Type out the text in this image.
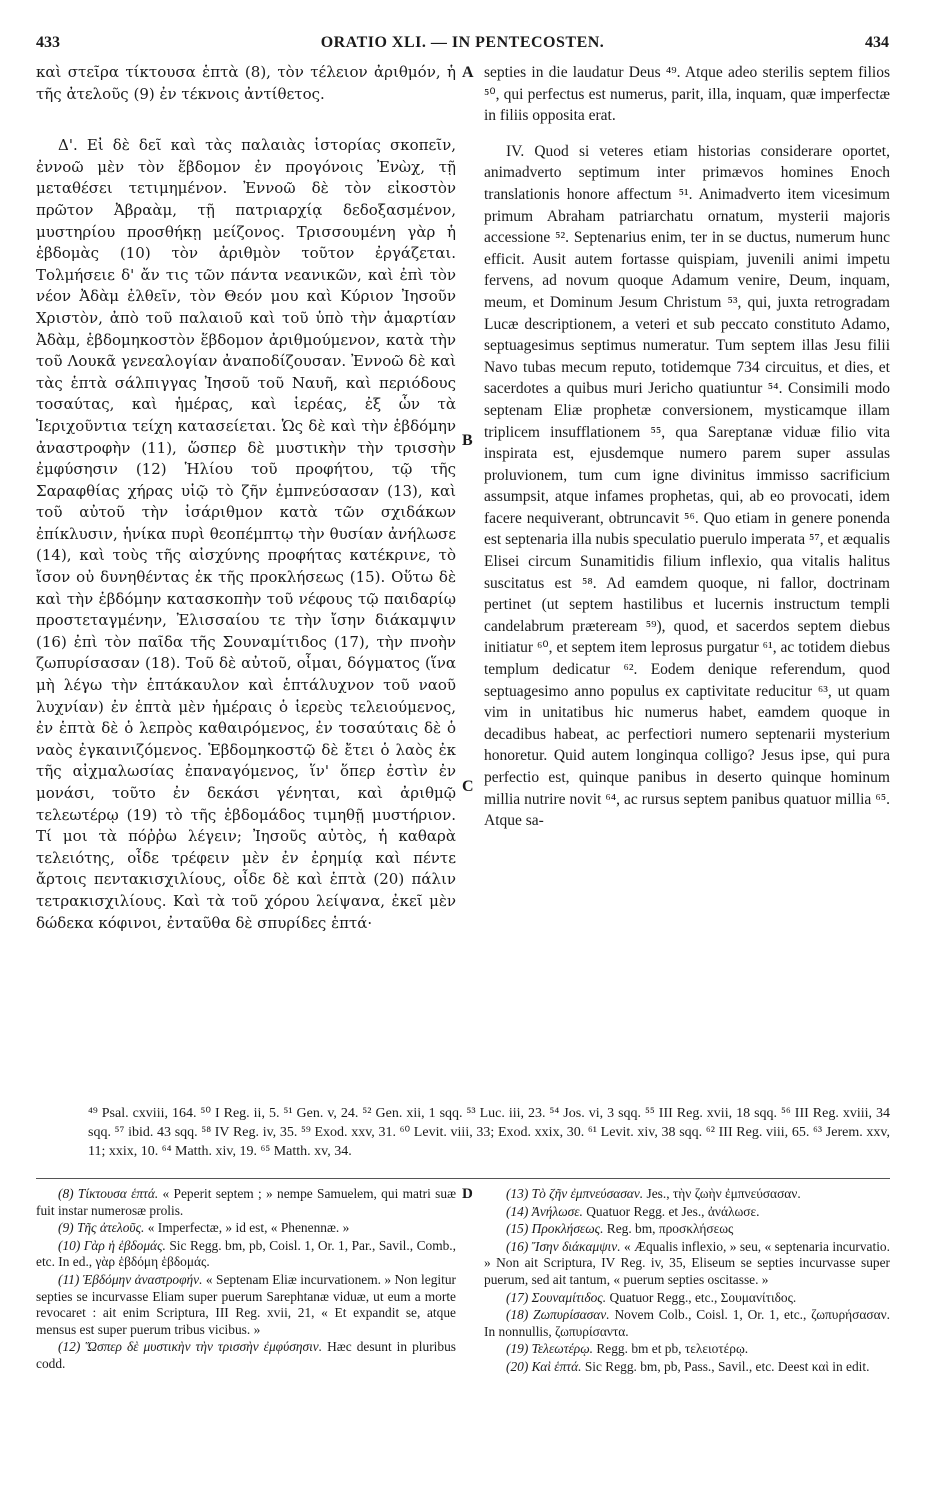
433	ORATIO XLI. — IN PENTECOSTEN.	434

καὶ στεῖρα τίκτουσα ἑπτὰ (8), τὸν τέλειον ἀριθμόν, ἡ τῆς ἀτελοῦς (9) ἐν τέκνοις ἀντίθετος.

Δ'. Εἰ δὲ δεῖ καὶ τὰς παλαιὰς ἱστορίας σκοπεῖν, ἐννοῶ μὲν τὸν ἕβδομον ἐν προγόνοις Ἐνὼχ, τῇ μεταθέσει τετιμημένον. Ἐννοῶ δὲ τὸν εἰκοστὸν πρῶτον Ἀβραὰμ, τῇ πατριαρχίᾳ δεδοξασμένον, μυστηρίου προσθήκῃ μείζονος. Τρισσουμένη γὰρ ἡ ἑβδομὰς (10) τὸν ἀριθμὸν τοῦτον ἐργάζεται. Τολμήσειε δ' ἄν τις τῶν πάντα νεανικῶν, καὶ ἐπὶ τὸν νέον Ἀδὰμ ἐλθεῖν, τὸν Θεόν μου καὶ Κύριον Ἰησοῦν Χριστὸν, ἀπὸ τοῦ παλαιοῦ καὶ τοῦ ὑπὸ τὴν ἁμαρτίαν Ἀδὰμ, ἑβδομηκοστὸν ἕβδομον ἀριθμούμενον, κατὰ τὴν τοῦ Λουκᾶ γενεαλογίαν ἀναποδίζουσαν. Ἐννοῶ δὲ καὶ τὰς ἑπτὰ σάλπιγγας Ἰησοῦ τοῦ Ναυῆ, καὶ περιόδους τοσαύτας, καὶ ἡμέρας, καὶ ἱερέας, ἐξ ὧν τὰ Ἱεριχοῦντια τείχη κατασείεται. Ὡς δὲ καὶ τὴν ἑβδόμην ἀναστροφὴν (11), ὥσπερ δὲ μυστικὴν τὴν τρισσὴν ἐμφύσησιν (12) Ἡλίου τοῦ προφήτου, τῷ τῆς Σαραφθίας χήρας υἱῷ τὸ ζῆν ἐμπνεύσασαν (13), καὶ τοῦ αὐτοῦ τὴν ἰσάριθμον κατὰ τῶν σχιδάκων ἐπίκλυσιν, ἡνίκα πυρὶ θεοπέμπτῳ τὴν θυσίαν ἀνήλωσε (14), καὶ τοὺς τῆς αἰσχύνης προφήτας κατέκρινε, τὸ ἴσον οὐ δυνηθέντας ἐκ τῆς προκλήσεως (15). Οὕτω δὲ καὶ τὴν ἑβδόμην κατασκοπὴν τοῦ νέφους τῷ παιδαρίῳ προστεταγμένην, Ἐλισσαίου τε τὴν ἴσην διάκαμψιν (16) ἐπὶ τὸν παῖδα τῆς Σουναμίτιδος (17), τὴν πνοὴν ζωπυρίσασαν (18). Τοῦ δὲ αὐτοῦ, οἶμαι, δόγματος (ἵνα μὴ λέγω τὴν ἑπτάκαυλον καὶ ἑπτάλυχνον τοῦ ναοῦ λυχνίαν) ἐν ἑπτὰ μὲν ἡμέραις ὁ ἱερεὺς τελειούμενος, ἐν ἑπτὰ δὲ ὁ λεπρὸς καθαιρόμενος, ἐν τοσαύταις δὲ ὁ ναὸς ἐγκαινιζόμενος. Ἑβδομηκοστῷ δὲ ἔτει ὁ λαὸς ἐκ τῆς αἰχμαλωσίας ἐπαναγόμενος, ἵν' ὅπερ ἐστὶν ἐν μονάσι, τοῦτο ἐν δεκάσι γένηται, καὶ ἀριθμῷ τελεωτέρῳ (19) τὸ τῆς ἑβδομάδος τιμηθῇ μυστήριον. Τί μοι τὰ πόῤῥω λέγειν; Ἰησοῦς αὐτὸς, ἡ καθαρὰ τελειότης, οἶδε τρέφειν μὲν ἐν ἐρημίᾳ καὶ πέντε ἄρτοις πεντακισχιλίους, οἶδε δὲ καὶ ἑπτὰ (20) πάλιν τετρακισχιλίους. Καὶ τὰ τοῦ χόρου λείψανα, ἐκεῖ μὲν δώδεκα κόφινοι, ἐνταῦθα δὲ σπυρίδες ἑπτά·

A
B
C

septies in die laudatur Deus ⁴⁹. Atque adeo sterilis septem filios ⁵⁰, qui perfectus est numerus, parit, illa, inquam, quæ imperfectæ in filiis opposita erat.

IV. Quod si veteres etiam historias considerare oportet, animadverto septimum inter primævos homines Enoch translationis honore affectum ⁵¹. Animadverto item vicesimum primum Abraham patriarchatu ornatum, mysterii majoris accessione ⁵². Septenarius enim, ter in se ductus, numerum hunc efficit. Ausit autem fortasse quispiam, juvenili animi impetu fervens, ad novum quoque Adamum venire, Deum, inquam, meum, et Dominum Jesum Christum ⁵³, qui, juxta retrogradam Lucæ descriptionem, a veteri et sub peccato constituto Adamo, septuagesimus septimus numeratur. Tum septem illas Jesu filii Navo tubas mecum reputo, totidemque 734 circuitus, et dies, et sacerdotes a quibus muri Jericho quatiuntur ⁵⁴. Consimili modo septenam Eliæ prophetæ conversionem, mysticamque illam triplicem insufflationem ⁵⁵, qua Sareptanæ viduæ filio vita inspirata est, ejusdemque numero parem super assulas proluvionem, tum cum igne divinitus immisso sacrificium assumpsit, atque infames prophetas, qui, ab eo provocati, idem facere nequiverant, obtruncavit ⁵⁶. Quo etiam in genere ponenda est septenaria illa nubis speculatio puerulo imperata ⁵⁷, et æqualis Elisei circum Sunamitidis filium inflexio, qua vitalis halitus suscitatus est ⁵⁸. Ad eamdem quoque, ni fallor, doctrinam pertinet (ut septem hastilibus et lucernis instructum templi candelabrum præteream ⁵⁹), quod, et sacerdos septem diebus initiatur ⁶⁰, et septem item leprosus purgatur ⁶¹, ac totidem diebus templum dedicatur ⁶². Eodem denique referendum, quod septuagesimo anno populus ex captivitate reducitur ⁶³, ut quam vim in unitatibus hic numerus habet, eamdem quoque in decadibus habeat, ac perfectiori numero septenarii mysterium honoretur. Quid autem longinqua colligo? Jesus ipse, qui pura perfectio est, quinque panibus in deserto quinque hominum millia nutrire novit ⁶⁴, ac rursus septem panibus quatuor millia ⁶⁵. Atque sa-

⁴⁹ Psal. cxviii, 164. ⁵⁰ I Reg. ii, 5. ⁵¹ Gen. v, 24. ⁵² Gen. xii, 1 sqq. ⁵³ Luc. iii, 23. ⁵⁴ Jos. vi, 3 sqq. ⁵⁵ III Reg. xvii, 18 sqq. ⁵⁶ III Reg. xviii, 34 sqq. ⁵⁷ ibid. 43 sqq. ⁵⁸ IV Reg. iv, 35. ⁵⁹ Exod. xxv, 31. ⁶⁰ Levit. viii, 33; Exod. xxix, 30. ⁶¹ Levit. xiv, 38 sqq. ⁶² III Reg. viii, 65. ⁶³ Jerem. xxv, 11; xxix, 10. ⁶⁴ Matth. xiv, 19. ⁶⁵ Matth. xv, 34.
D

(8) Τίκτουσα ἑπτά. « Peperit septem ; » nempe Samuelem, qui matri suæ fuit instar numerosæ prolis.

(9) Τῆς ἀτελοῦς. « Imperfectæ, » id est, « Phenennæ. »

(10) Γὰρ ἡ ἑβδομάς. Sic Regg. bm, pb, Coisl. 1, Or. 1, Par., Savil., Comb., etc. In ed., γὰρ ἑβδόμη ἑβδομάς.

(11) Ἑβδόμην ἀναστροφήν. « Septenam Eliæ incurvationem. » Non legitur septies se incurvasse Eliam super puerum Sarephtanæ viduæ, ut eum a morte revocaret : ait enim Scriptura, III Reg. xvii, 21, « Et expandit se, atque mensus est super puerum tribus vicibus. »

(12) Ὥσπερ δὲ μυστικὴν τὴν τρισσὴν ἐμφύσησιν. Hæc desunt in pluribus codd.

(13) Τὸ ζῆν ἐμπνεύσασαν. Jes., τὴν ζωὴν ἐμπνεύσασαν.

(14) Ἀνήλωσε. Quatuor Regg. et Jes., ἀνάλωσε.

(15) Προκλήσεως. Reg. bm, προσκλήσεως

(16) Ἴσην διάκαμψιν. « Æqualis inflexio, » seu, « septenaria incurvatio. » Non ait Scriptura, IV Reg. iv, 35, Eliseum se septies incurvasse super puerum, sed ait tantum, « puerum septies oscitasse. »

(17) Σουναμίτιδος. Quatuor Regg., etc., Σουμανίτιδος.

(18) Ζωπυρίσασαν. Novem Colb., Coisl. 1, Or. 1, etc., ζωπυρήσασαν. In nonnullis, ζωπυρίσαντα.

(19) Τελεωτέρῳ. Regg. bm et pb, τελειοτέρῳ.

(20) Καὶ ἑπτά. Sic Regg. bm, pb, Pass., Savil., etc. Deest καὶ in edit.
